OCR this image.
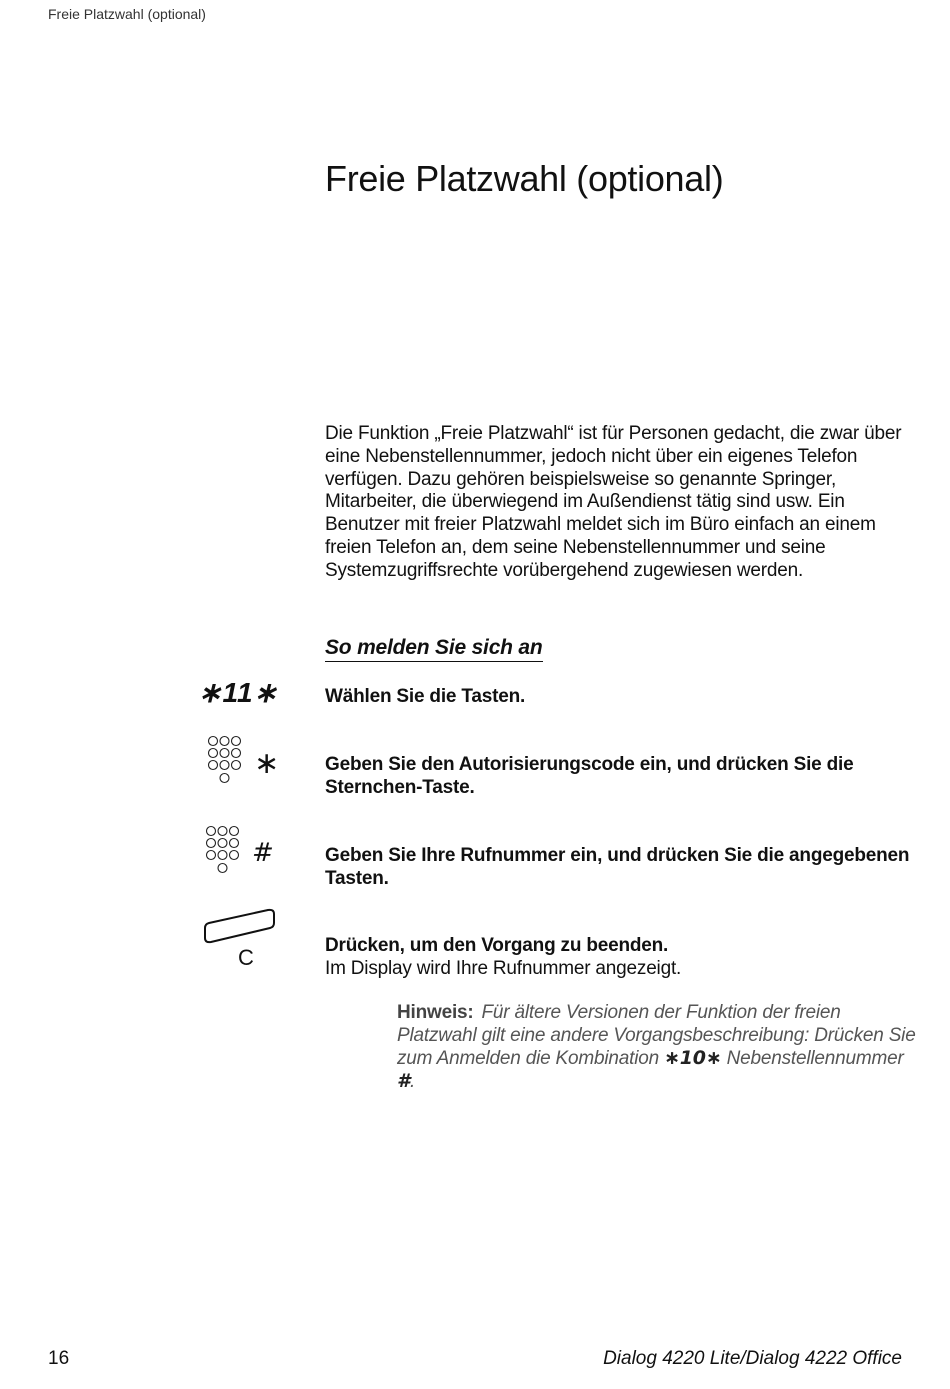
Freie Platzwahl (optional)
Freie Platzwahl (optional)

Die Funktion „Freie Platzwahl“ ist für Personen gedacht, die zwar über eine Nebenstellennummer, jedoch nicht über ein eigenes Telefon verfügen. Dazu gehören beispielsweise so genannte Springer, Mitarbeiter, die überwiegend im Außendienst tätig sind usw. Ein Benutzer mit freier Platzwahl meldet sich im Büro einfach an einem freien Telefon an, dem seine Nebenstellennummer und seine Systemzugriffsrechte vorübergehend zugewiesen werden.

So melden Sie sich an
∗11∗ Wählen Sie die Tasten.
∗ Geben Sie den Autorisierungscode ein, und drücken Sie die Sternchen-Taste.
#	Geben Sie Ihre Rufnummer ein, und drücken Sie die angegebenen Tasten.
C	Drücken, um den Vorgang zu beenden.
Im Display wird Ihre Rufnummer angezeigt.
Hinweis: Für ältere Versionen der Funktion der freien Platzwahl gilt eine andere Vorgangsbeschreibung: Drücken Sie zum Anmelden die Kombination ∗10∗ Nebenstellennummer #.
16	Dialog 4220 Lite/Dialog 4222 Office
